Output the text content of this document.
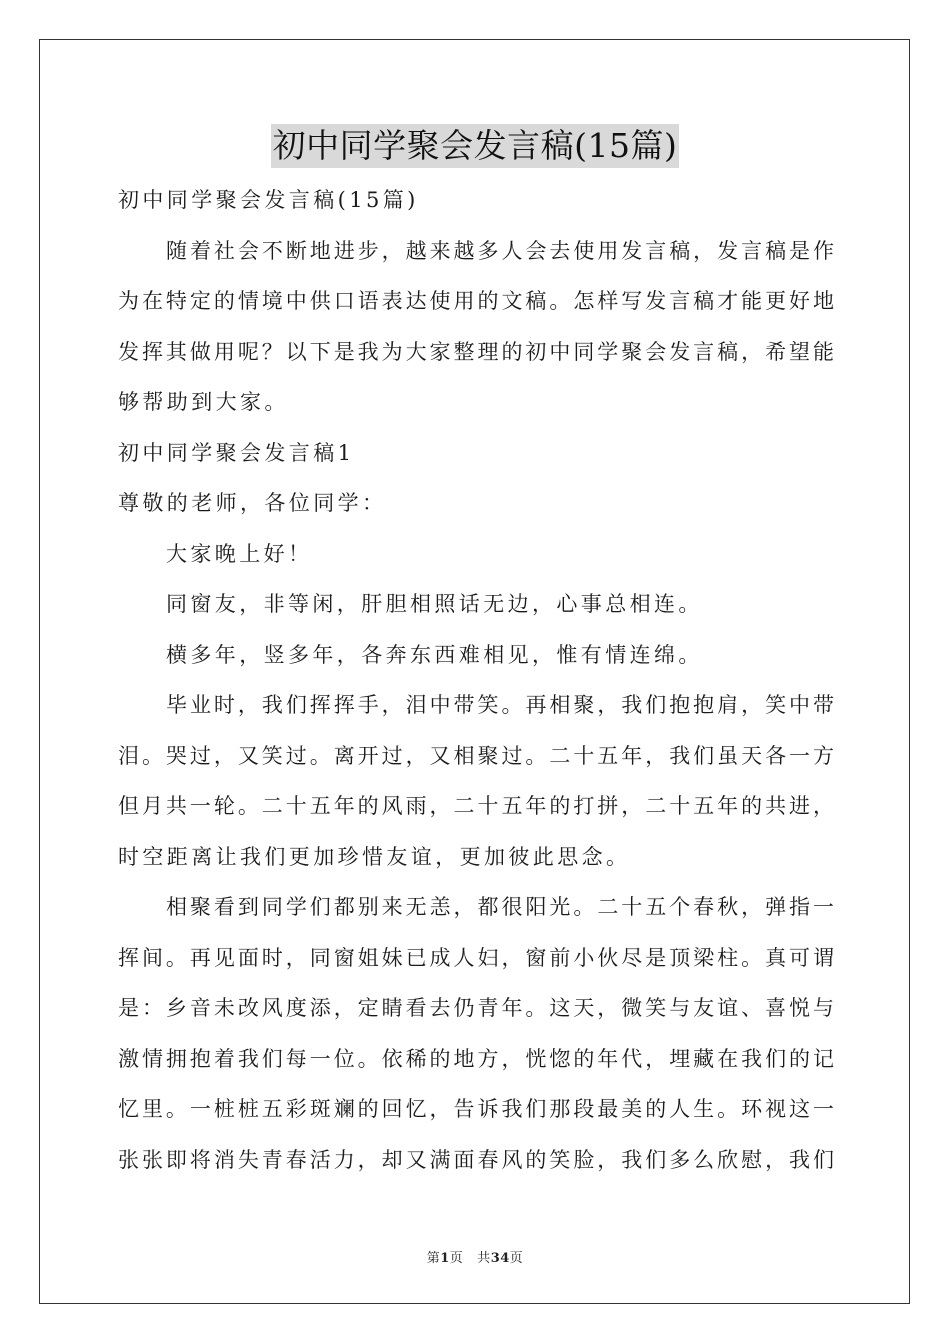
初中同学聚会发言稿(15篇)
初中同学聚会发言稿(15篇)
随着社会不断地进步，越来越多人会去使用发言稿，发言稿是作
为在特定的情境中供口语表达使用的文稿。怎样写发言稿才能更好地
发挥其做用呢？以下是我为大家整理的初中同学聚会发言稿，希望能
够帮助到大家。
初中同学聚会发言稿1
尊敬的老师，各位同学：
大家晚上好！
同窗友，非等闲，肝胆相照话无边，心事总相连。
横多年，竖多年，各奔东西难相见，惟有情连绵。
毕业时，我们挥挥手，泪中带笑。再相聚，我们抱抱肩，笑中带
泪。哭过，又笑过。离开过，又相聚过。二十五年，我们虽天各一方
但月共一轮。二十五年的风雨，二十五年的打拼，二十五年的共进，
时空距离让我们更加珍惜友谊，更加彼此思念。
相聚看到同学们都别来无恙，都很阳光。二十五个春秋，弹指一
挥间。再见面时，同窗姐妹已成人妇，窗前小伙尽是顶梁柱。真可谓
是：乡音未改风度添，定睛看去仍青年。这天，微笑与友谊、喜悦与
激情拥抱着我们每一位。依稀的地方，恍惚的年代，埋藏在我们的记
忆里。一桩桩五彩斑斓的回忆，告诉我们那段最美的人生。环视这一
张张即将消失青春活力，却又满面春风的笑脸，我们多么欣慰，我们
第1页 共34页
